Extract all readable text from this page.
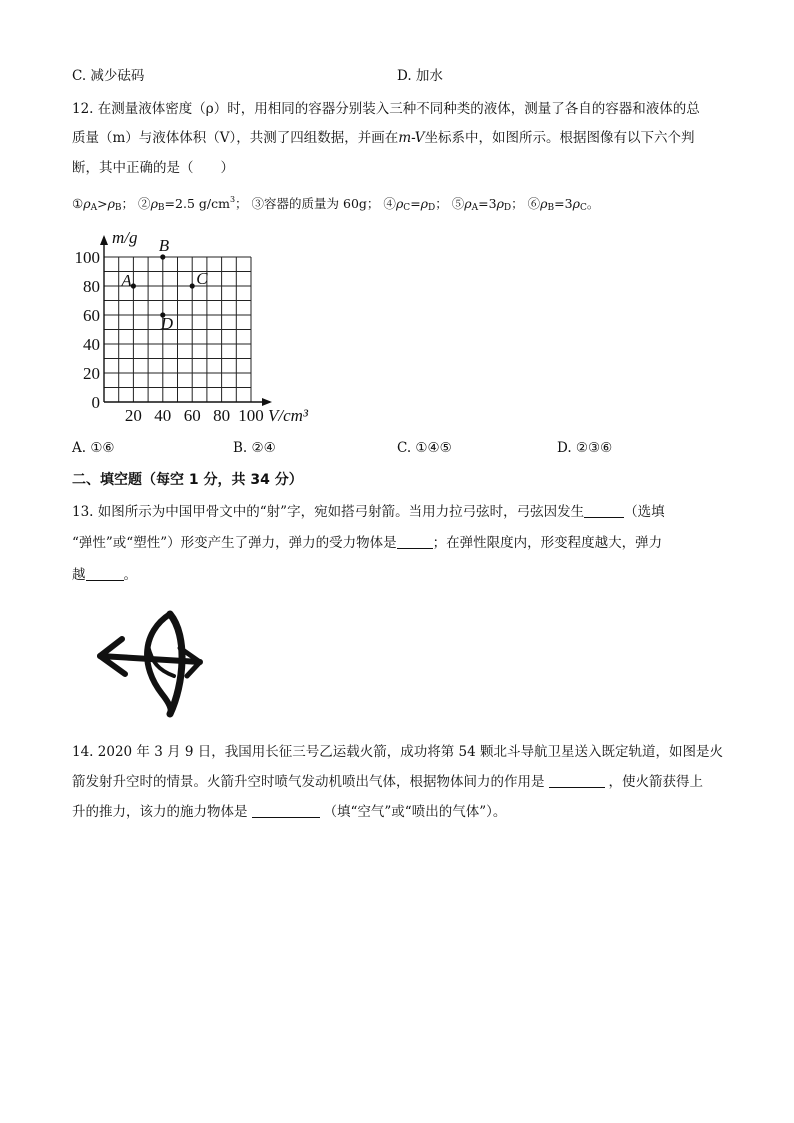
C. 减少砝码	D. 加水
12. 在测量液体密度（ρ）时，用相同的容器分别装入三种不同种类的液体，测量了各自的容器和液体的总
质量（m）与液体体积（V），共测了四组数据，并画在m-V坐标系中，如图所示。根据图像有以下六个判
断，其中正确的是（　　）
$①\rho_A>\rho_B$； $②\rho_B=2.5$ $g/cm^3$； ③容器的质量为 60g； $④\rho_C=\rho_D$； $⑤\rho_A=3\rho_D$； $⑥\rho_B=3\rho_C$。
20 40 60 80 100
0
20
40
60
80
100
A
B
C
D
m/g
V/cm³
A. ①⑥	B. ②④	C. ①④⑤	D. ②③⑥
二、填空题（每空 1 分，共 34 分）
13. 如图所示为中国甲骨文中的“射”字，宛如搭弓射箭。当用力拉弓弦时，弓弦因发生	（选填
“弹性”或“塑性”）形变产生了弹力，弹力的受力物体是	；在弹性限度内，形变程度越大，弹力
越	。
14. 2020 年 3 月 9 日，我国用长征三号乙运载火箭，成功将第 54 颗北斗导航卫星送入既定轨道，如图是火
箭发射升空时的情景。火箭升空时喷气发动机喷出气体，根据物体间力的作用是	，使火箭获得上
升的推力，该力的施力物体是	（填“空气”或“喷出的气体”）。
